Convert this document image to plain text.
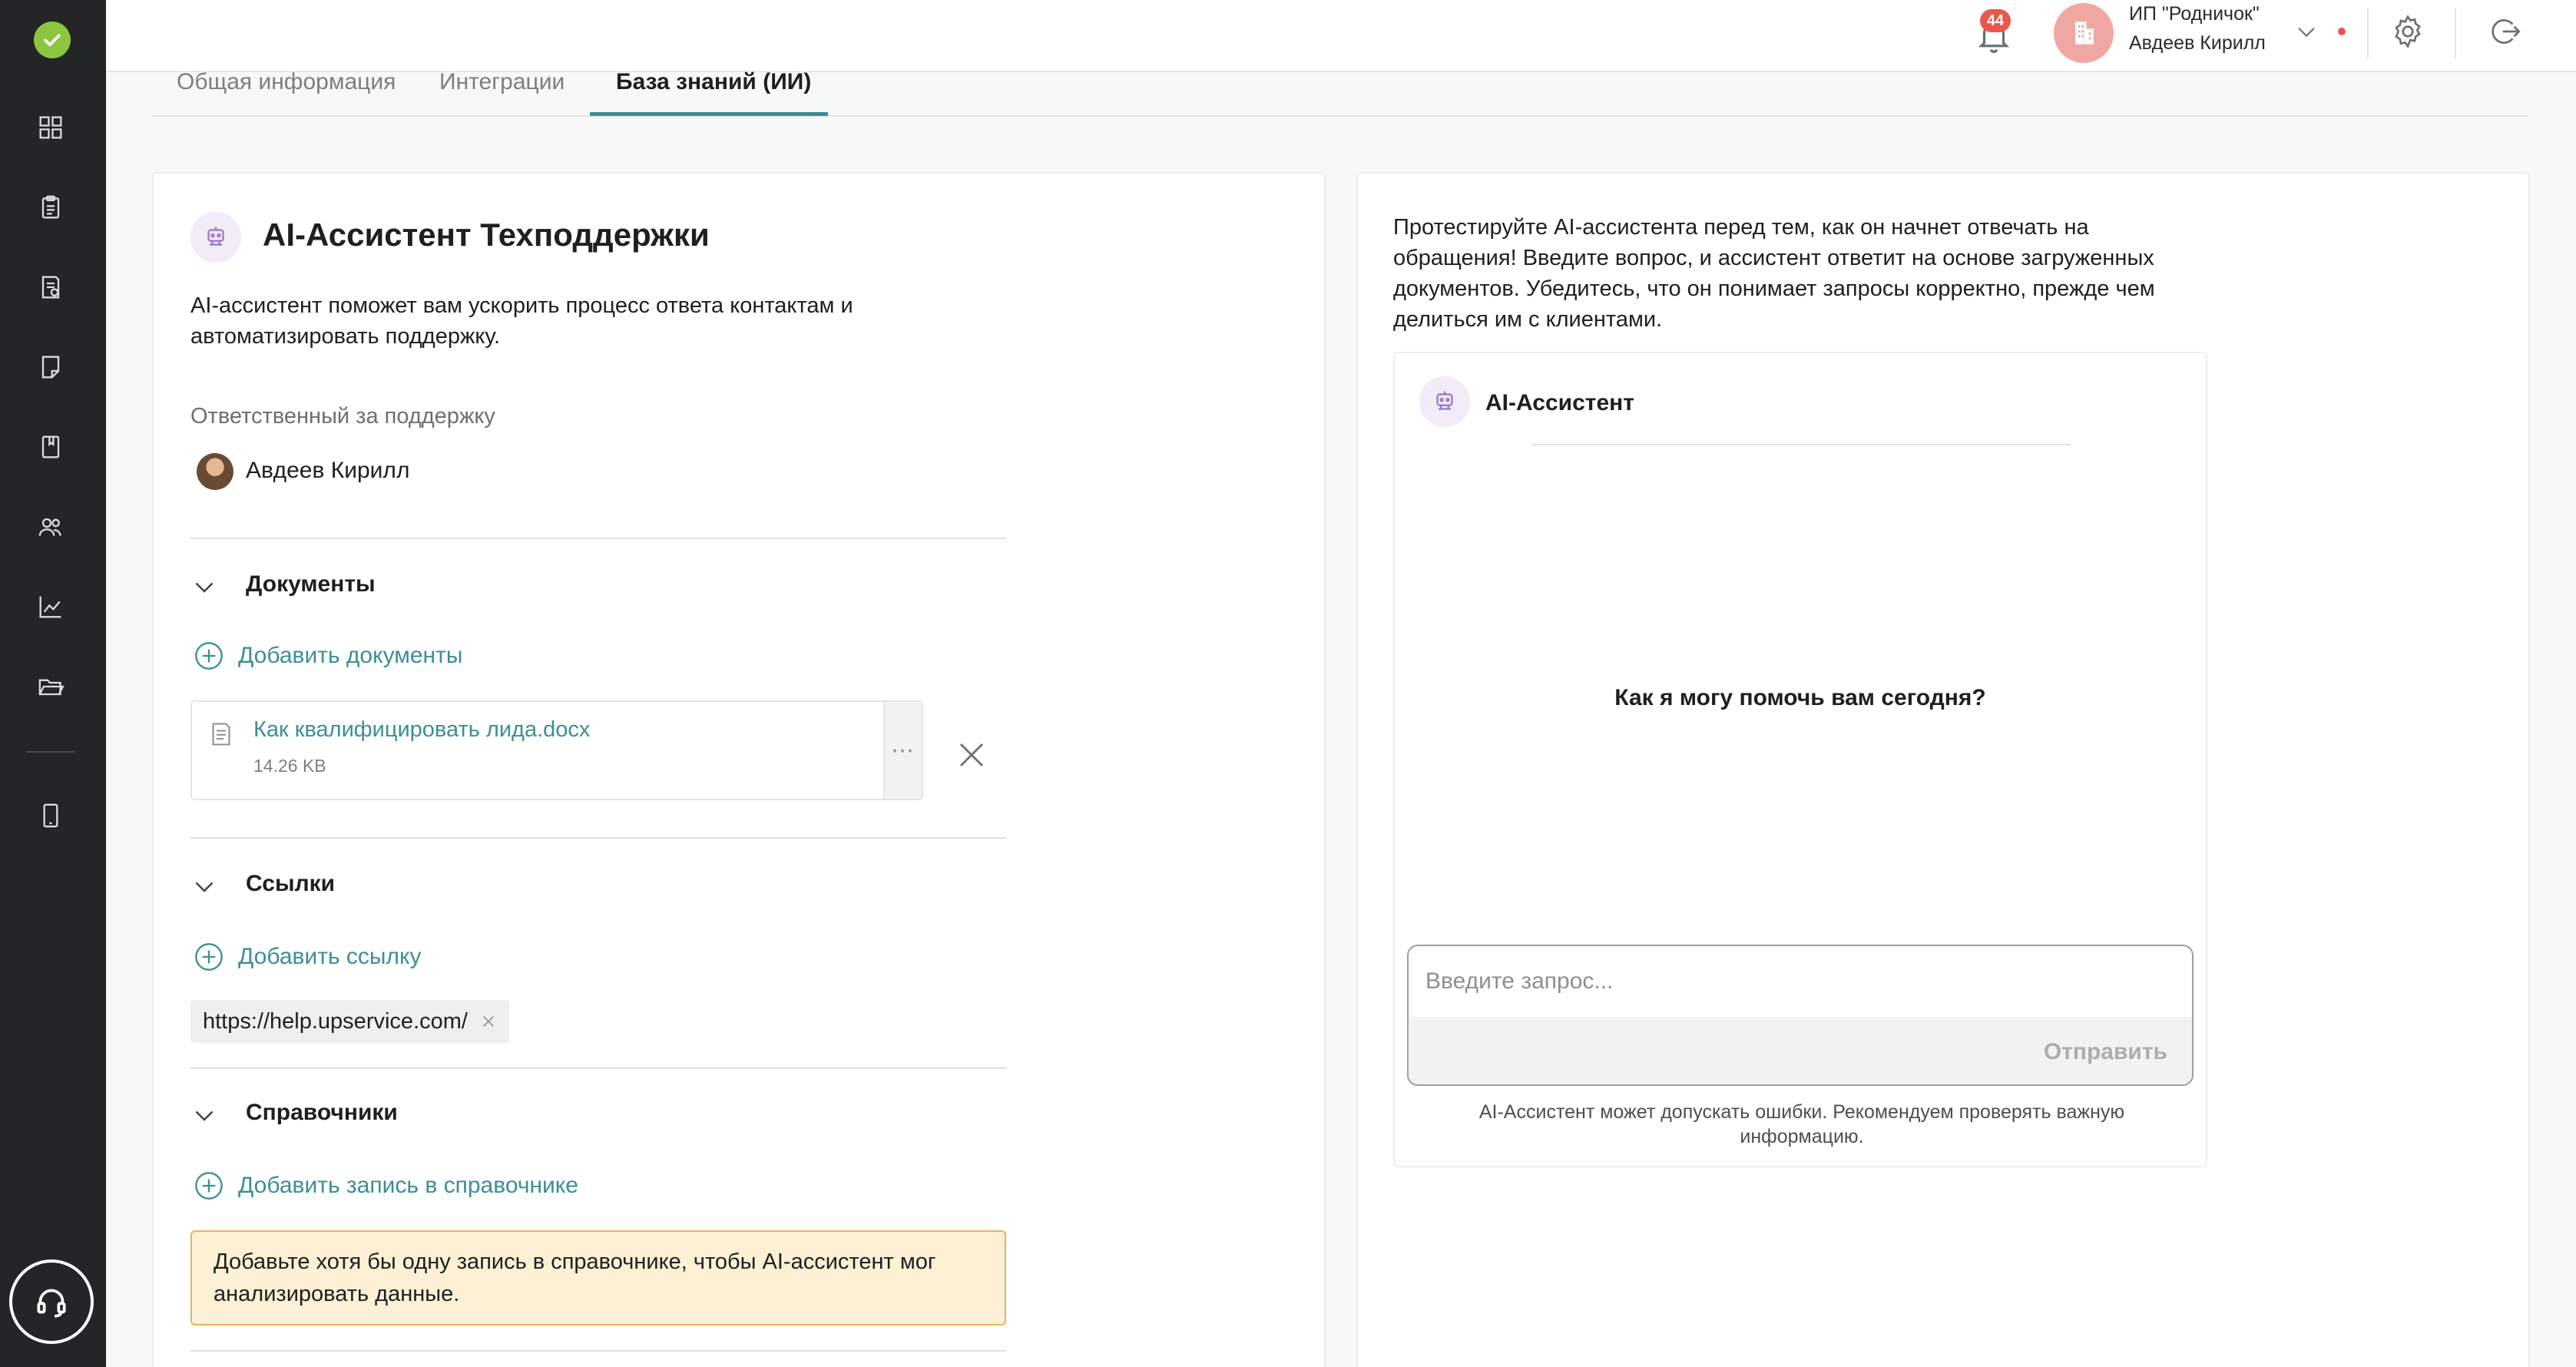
44	ИП "Родничок"
Авдеев Кирилл
Общая информация Интеграции База знаний (ИИ)
AI-Ассистент Техподдержки
AI-ассистент поможет вам ускорить процесс ответа контактам и автоматизировать поддержку.
Ответственный за поддержку
Авдеев Кирилл
Документы
Добавить документы
Как квалифицировать лида.docx
14.26 KB
⋯
Ссылки
Добавить ссылку
https://help.upservice.com/
Справочники
Добавить запись в справочнике
Добавьте хотя бы одну запись в справочнике, чтобы AI-ассистент мог анализировать данные.
Протестируйте AI-ассистента перед тем, как он начнет отвечать на обращения! Введите вопрос, и ассистент ответит на основе загруженных документов. Убедитесь, что он понимает запросы корректно, прежде чем делиться им с клиентами.
AI-Ассистент
Как я могу помочь вам сегодня?
Введите запрос...
Отправить
AI-Ассистент может допускать ошибки. Рекомендуем проверять важную информацию.
